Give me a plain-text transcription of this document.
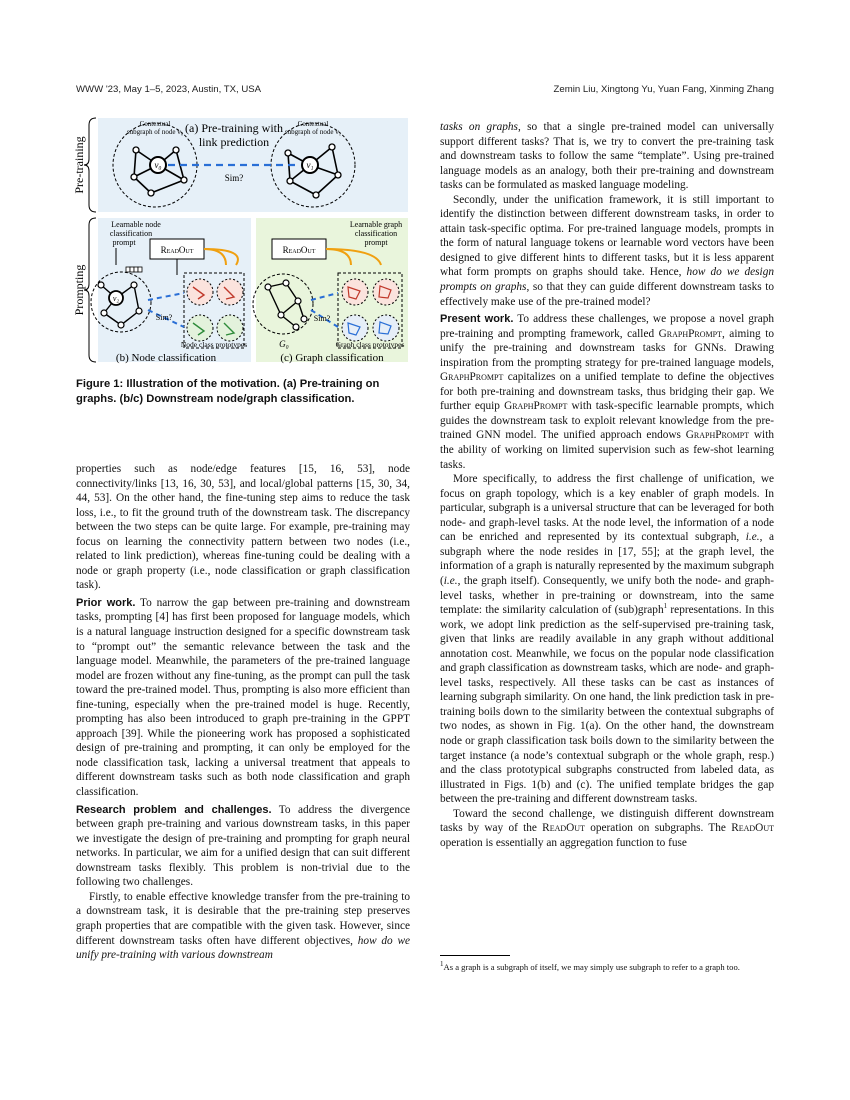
WWW '23, May 1–5, 2023, Austin, TX, USA	Zemin Liu, Xingtong Yu, Yuan Fang, Xinming Zhang
Pre-training
Prompting
Contextual
subgraph of node v₀
Contextual
subgraph of node v₁
(a) Pre-training with
link prediction
v₀	v₁
Sim?
Learnable node
classification
prompt
ReadOut
v₂
Sim?
Node class prototypes
(b) Node classification
Learnable graph
classification
prompt
ReadOut
G₀
Sim?
Graph class prototypes
(c) Graph classification
Figure 1: Illustration of the motivation. (a) Pre-training on graphs. (b/c) Downstream node/graph classification.

properties such as node/edge features [15, 16, 53], node connectivity/links [13, 16, 30, 53], and local/global patterns [15, 30, 34, 44, 53]. On the other hand, the fine-tuning step aims to reduce the task loss, i.e., to fit the ground truth of the downstream task. The discrepancy between the two steps can be quite large. For example, pre-training may focus on learning the connectivity pattern between two nodes (i.e., related to link prediction), whereas fine-tuning could be dealing with a node or graph property (i.e., node classification or graph classification task).

Prior work. To narrow the gap between pre-training and downstream tasks, prompting [4] has first been proposed for language models, which is a natural language instruction designed for a specific downstream task to “prompt out” the semantic relevance between the task and the language model. Meanwhile, the parameters of the pre-trained language model are frozen without any fine-tuning, as the prompt can pull the task toward the pre-trained model. Thus, prompting is also more efficient than fine-tuning, especially when the pre-trained model is huge. Recently, prompting has also been introduced to graph pre-training in the GPPT approach [39]. While the pioneering work has proposed a sophisticated design of pre-training and prompting, it can only be employed for the node classification task, lacking a universal treatment that appeals to different downstream tasks such as both node classification and graph classification.

Research problem and challenges. To address the divergence between graph pre-training and various downstream tasks, in this paper we investigate the design of pre-training and prompting for graph neural networks. In particular, we aim for a unified design that can suit different downstream tasks flexibly. This problem is non-trivial due to the following two challenges.

Firstly, to enable effective knowledge transfer from the pre-training to a downstream task, it is desirable that the pre-training step preserves graph properties that are compatible with the given task. However, since different downstream tasks often have different objectives, how do we unify pre-training with various downstream

tasks on graphs, so that a single pre-trained model can universally support different tasks? That is, we try to convert the pre-training task and downstream tasks to follow the same “template”. Using pre-trained language models as an analogy, both their pre-training and downstream tasks can be formulated as masked language modeling.

Secondly, under the unification framework, it is still important to identify the distinction between different downstream tasks, in order to attain task-specific optima. For pre-trained language models, prompts in the form of natural language tokens or learnable word vectors have been designed to give different hints to different tasks, but it is less apparent what form prompts on graphs should take. Hence, how do we design prompts on graphs, so that they can guide different downstream tasks to effectively make use of the pre-trained model?

Present work. To address these challenges, we propose a novel graph pre-training and prompting framework, called GraphPrompt, aiming to unify the pre-training and downstream tasks for GNNs. Drawing inspiration from the prompting strategy for pre-trained language models, GraphPrompt capitalizes on a unified template to define the objectives for both pre-training and downstream tasks, thus bridging their gap. We further equip GraphPrompt with task-specific learnable prompts, which guides the downstream task to exploit relevant knowledge from the pre-trained GNN model. The unified approach endows GraphPrompt with the ability of working on limited supervision such as few-shot learning tasks.

More specifically, to address the first challenge of unification, we focus on graph topology, which is a key enabler of graph models. In particular, subgraph is a universal structure that can be leveraged for both node- and graph-level tasks. At the node level, the information of a node can be enriched and represented by its contextual subgraph, i.e., a subgraph where the node resides in [17, 55]; at the graph level, the information of a graph is naturally represented by the maximum subgraph (i.e., the graph itself). Consequently, we unify both the node- and graph-level tasks, whether in pre-training or downstream, into the same template: the similarity calculation of (sub)graph$^1$ representations. In this work, we adopt link prediction as the self-supervised pre-training task, given that links are readily available in any graph without additional annotation cost. Meanwhile, we focus on the popular node classification and graph classification as downstream tasks, which are node- and graph-level tasks, respectively. All these tasks can be cast as instances of learning subgraph similarity. On one hand, the link prediction task in pre-training boils down to the similarity between the contextual subgraphs of two nodes, as shown in Fig. 1(a). On the other hand, the downstream node or graph classification task boils down to the similarity between the target instance (a node’s contextual subgraph or the whole graph, resp.) and the class prototypical subgraphs constructed from labeled data, as illustrated in Figs. 1(b) and (c). The unified template bridges the gap between the pre-training and different downstream tasks.

Toward the second challenge, we distinguish different downstream tasks by way of the ReadOut operation on subgraphs. The ReadOut operation is essentially an aggregation function to fuse

$^1$As a graph is a subgraph of itself, we may simply use subgraph to refer to a graph too.
